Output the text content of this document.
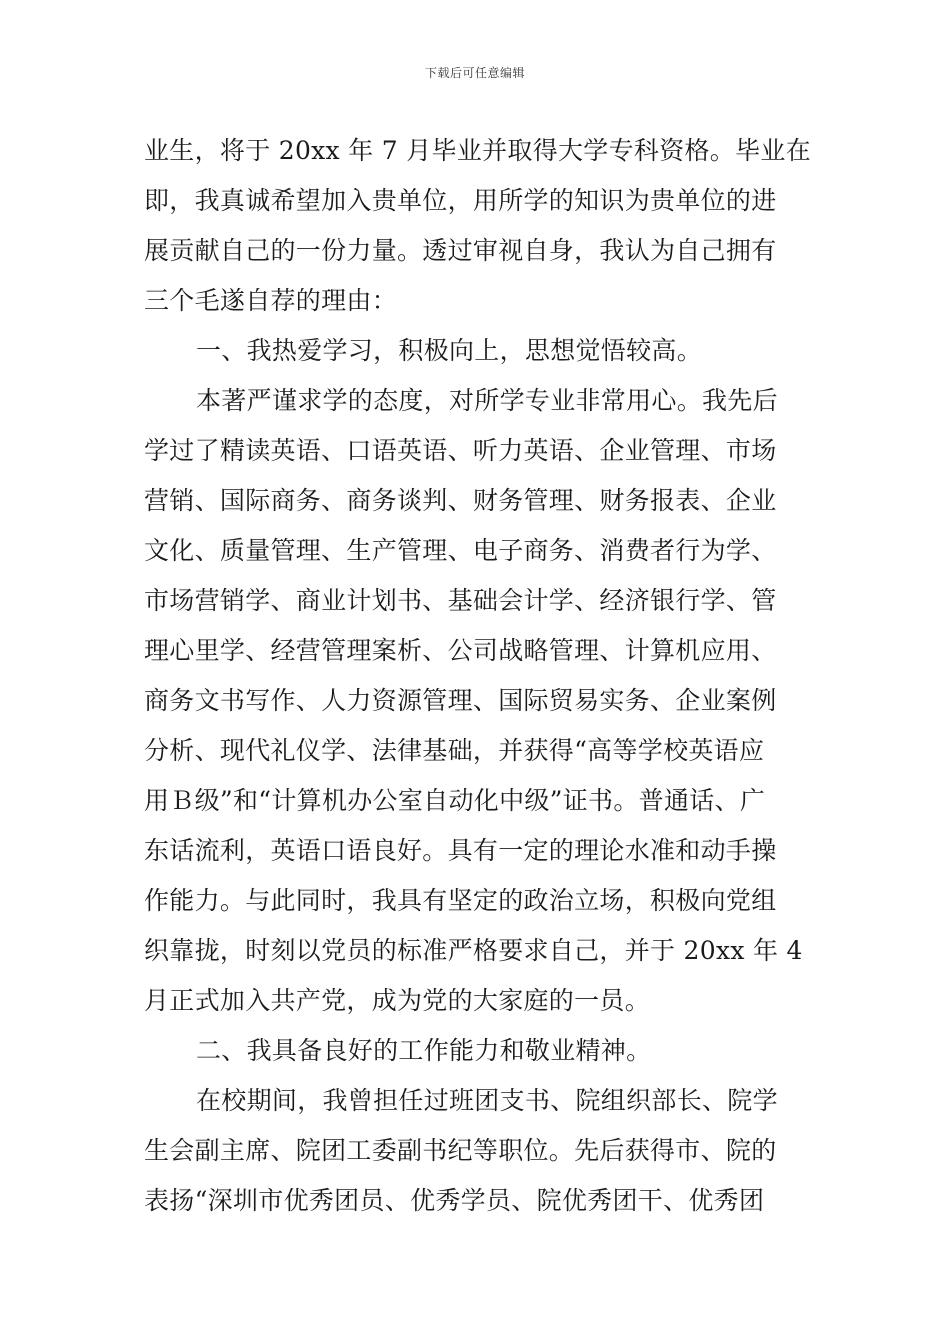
下载后可任意编辑
业生，将于 20xx 年 7 月毕业并取得大学专科资格。毕业在
即，我真诚希望加入贵单位，用所学的知识为贵单位的进
展贡献自己的一份力量。透过审视自身，我认为自己拥有
三个毛遂自荐的理由：
一、我热爱学习，积极向上，思想觉悟较高。
本著严谨求学的态度，对所学专业非常用心。我先后
学过了精读英语、口语英语、听力英语、企业管理、市场
营销、国际商务、商务谈判、财务管理、财务报表、企业
文化、质量管理、生产管理、电子商务、消费者行为学、
市场营销学、商业计划书、基础会计学、经济银行学、管
理心里学、经营管理案析、公司战略管理、计算机应用、
商务文书写作、人力资源管理、国际贸易实务、企业案例
分析、现代礼仪学、法律基础，并获得“高等学校英语应
用Ｂ级”和“计算机办公室自动化中级”证书。普通话、广
东话流利，英语口语良好。具有一定的理论水准和动手操
作能力。与此同时，我具有坚定的政治立场，积极向党组
织靠拢，时刻以党员的标准严格要求自己，并于 20xx 年 4
月正式加入共产党，成为党的大家庭的一员。
二、我具备良好的工作能力和敬业精神。
在校期间，我曾担任过班团支书、院组织部长、院学
生会副主席、院团工委副书纪等职位。先后获得市、院的
表扬“深圳市优秀团员、优秀学员、院优秀团干、优秀团
